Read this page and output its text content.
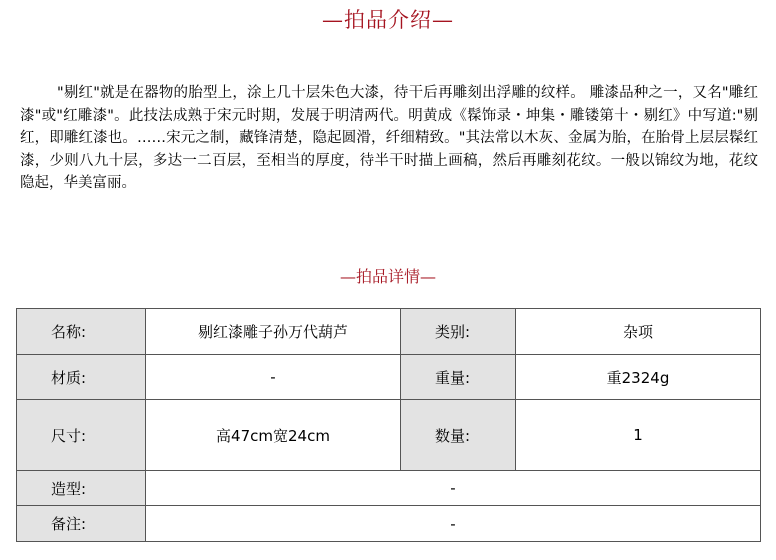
—拍品介绍—

"剔红"就是在器物的胎型上，涂上几十层朱色大漆，待干后再雕刻出浮雕的纹样。 雕漆品种之一，又名"雕红漆"或"红雕漆"。此技法成熟于宋元时期，发展于明清两代。明黄成《髹饰录・坤集・雕镂第十・剔红》中写道:"剔红，即雕红漆也。……宋元之制，藏锋清楚，隐起圆滑，纤细精致。"其法常以木灰、金属为胎，在胎骨上层层髹红漆，少则八九十层，多达一二百层，至相当的厚度，待半干时描上画稿，然后再雕刻花纹。一般以锦纹为地，花纹隐起，华美富丽。

—拍品详情—
名称:	剔红漆雕子孙万代葫芦	类别:	杂项
材质:	-	重量:	重2324g
尺寸:	高47cm宽24cm	数量:	1
造型:	-		
备注:	-		
